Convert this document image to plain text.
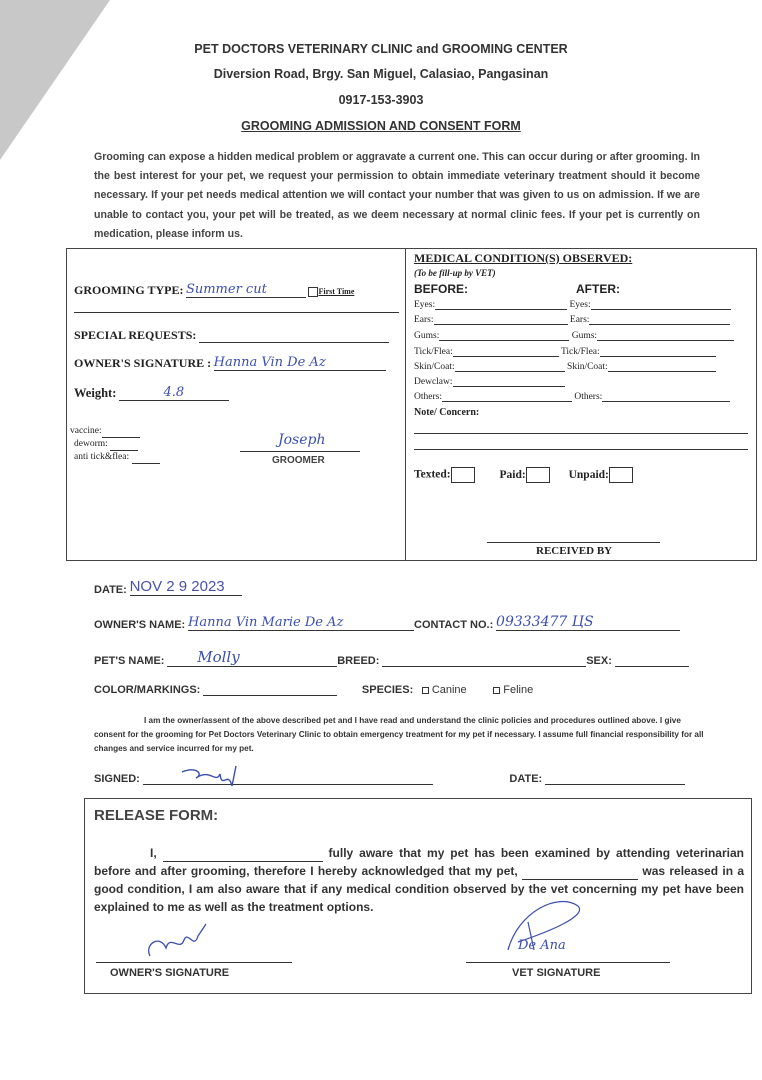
PET DOCTORS VETERINARY CLINIC and GROOMING CENTER
Diversion Road, Brgy. San Miguel, Calasiao, Pangasinan
0917-153-3903
GROOMING ADMISSION AND CONSENT FORM
Grooming can expose a hidden medical problem or aggravate a current one. This can occur during or after grooming. In the best interest for your pet, we request your permission to obtain immediate veterinary treatment should it become necessary. If your pet needs medical attention we will contact your number that was given to us on admission. If we are unable to contact you, your pet will be treated, as we deem necessary at normal clinic fees. If your pet is currently on medication, please inform us.
GROOMING TYPE: Summer cut	First Time
SPECIAL REQUESTS:
OWNER'S SIGNATURE : Hanna Vin De Az
Weight:	4.8
vaccine:
deworm:
anti tick&flea:
Joseph
GROOMER
MEDICAL CONDITION(S) OBSERVED:
(To be fill-up by VET)
BEFORE:	AFTER:
Eyes:	Eyes:
Ears:	Ears:
Gums:	Gums:
Tick/Flea:	Tick/Flea:
Skin/Coat:	Skin/Coat:
Dewclaw:
Others:	Others:
Note/ Concern:
Texted:	Paid:	Unpaid:
RECEIVED BY
DATE: NOV 2 9 2023
OWNER'S NAME: Hanna Vin Marie De Az	CONTACT NO.: 09333477 ЦS
PET'S NAME: Molly	BREED:	SEX:
COLOR/MARKINGS:	SPECIES: Canine	Feline
I am the owner/assent of the above described pet and I have read and understand the clinic policies and procedures outlined above. I give consent for the grooming for Pet Doctors Veterinary Clinic to obtain emergency treatment for my pet if necessary. I assume full financial responsibility for all changes and service incurred for my pet.
SIGNED:	DATE:
RELEASE FORM:
I,	fully aware that my pet has been examined by attending veterinarian before and after grooming, therefore I hereby acknowledged that my pet,	was released in a good condition, I am also aware that if any medical condition observed by the vet concerning my pet have been explained to me as well as the treatment options.
OWNER'S SIGNATURE
De Ana
VET SIGNATURE
